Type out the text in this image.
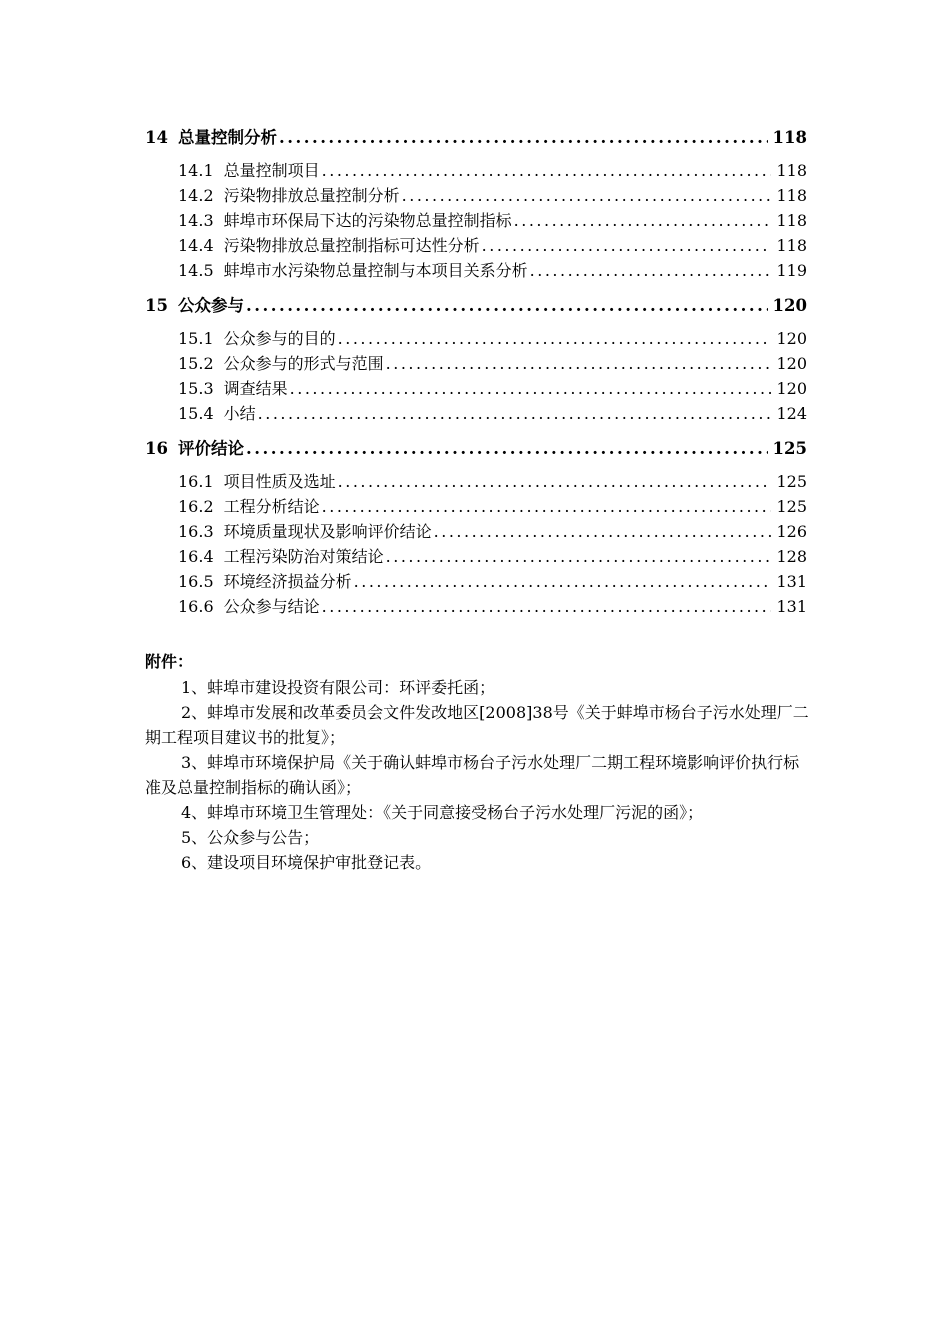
14 总量控制分析 .....	118
14.1 总量控制项目 .....	118
14.2 污染物排放总量控制分析 .....	118
14.3 蚌埠市环保局下达的污染物总量控制指标 .....	118
14.4 污染物排放总量控制指标可达性分析 .....	118
14.5 蚌埠市水污染物总量控制与本项目关系分析 .....	119
15 公众参与 .....	120
15.1 公众参与的目的 .....	120
15.2 公众参与的形式与范围 .....	120
15.3 调查结果 .....	120
15.4 小结 .....	124
16 评价结论 .....	125
16.1 项目性质及选址 .....	125
16.2 工程分析结论 .....	125
16.3 环境质量现状及影响评价结论 .....	126
16.4 工程污染防治对策结论 .....	128
16.5 环境经济损益分析 .....	131
16.6 公众参与结论 .....	131
附件：
1、蚌埠市建设投资有限公司：环评委托函；
2、蚌埠市发展和改革委员会文件发改地区[2008]38号《关于蚌埠市杨台子污水处理厂二期工程项目建议书的批复》；
3、蚌埠市环境保护局《关于确认蚌埠市杨台子污水处理厂二期工程环境影响评价执行标准及总量控制指标的确认函》；
4、蚌埠市环境卫生管理处：《关于同意接受杨台子污水处理厂污泥的函》；
5、公众参与公告；
6、建设项目环境保护审批登记表。
